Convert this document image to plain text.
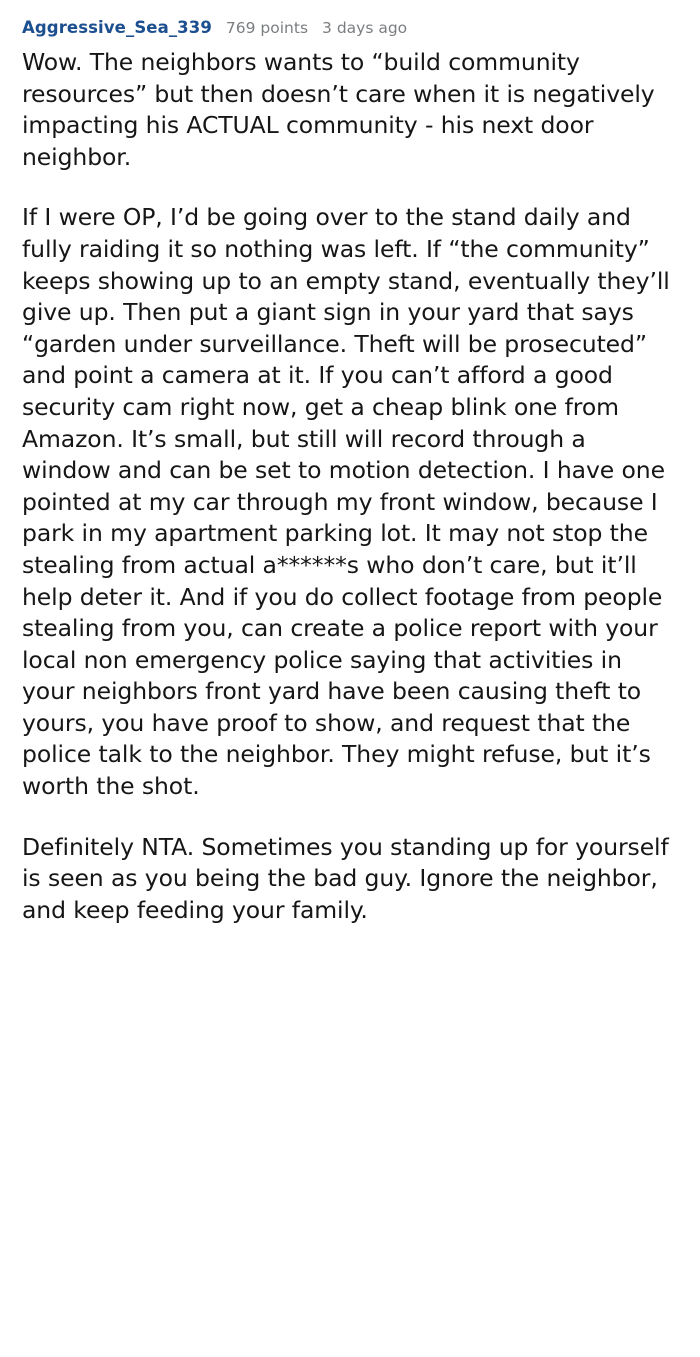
Aggressive_Sea_339 769 points 3 days ago

Wow. The neighbors wants to “build community resources” but then doesn’t care when it is negatively impacting his ACTUAL community - his next door neighbor.

If I were OP, I’d be going over to the stand daily and fully raiding it so nothing was left. If “the community” keeps showing up to an empty stand, eventually they’ll give up. Then put a giant sign in your yard that says “garden under surveillance. Theft will be prosecuted” and point a camera at it. If you can’t afford a good security cam right now, get a cheap blink one from Amazon. It’s small, but still will record through a window and can be set to motion detection. I have one pointed at my car through my front window, because I park in my apartment parking lot. It may not stop the stealing from actual a******s who don’t care, but it’ll help deter it. And if you do collect footage from people stealing from you, can create a police report with your local non emergency police saying that activities in your neighbors front yard have been causing theft to yours, you have proof to show, and request that the police talk to the neighbor. They might refuse, but it’s worth the shot.

Definitely NTA. Sometimes you standing up for yourself is seen as you being the bad guy. Ignore the neighbor, and keep feeding your family.
